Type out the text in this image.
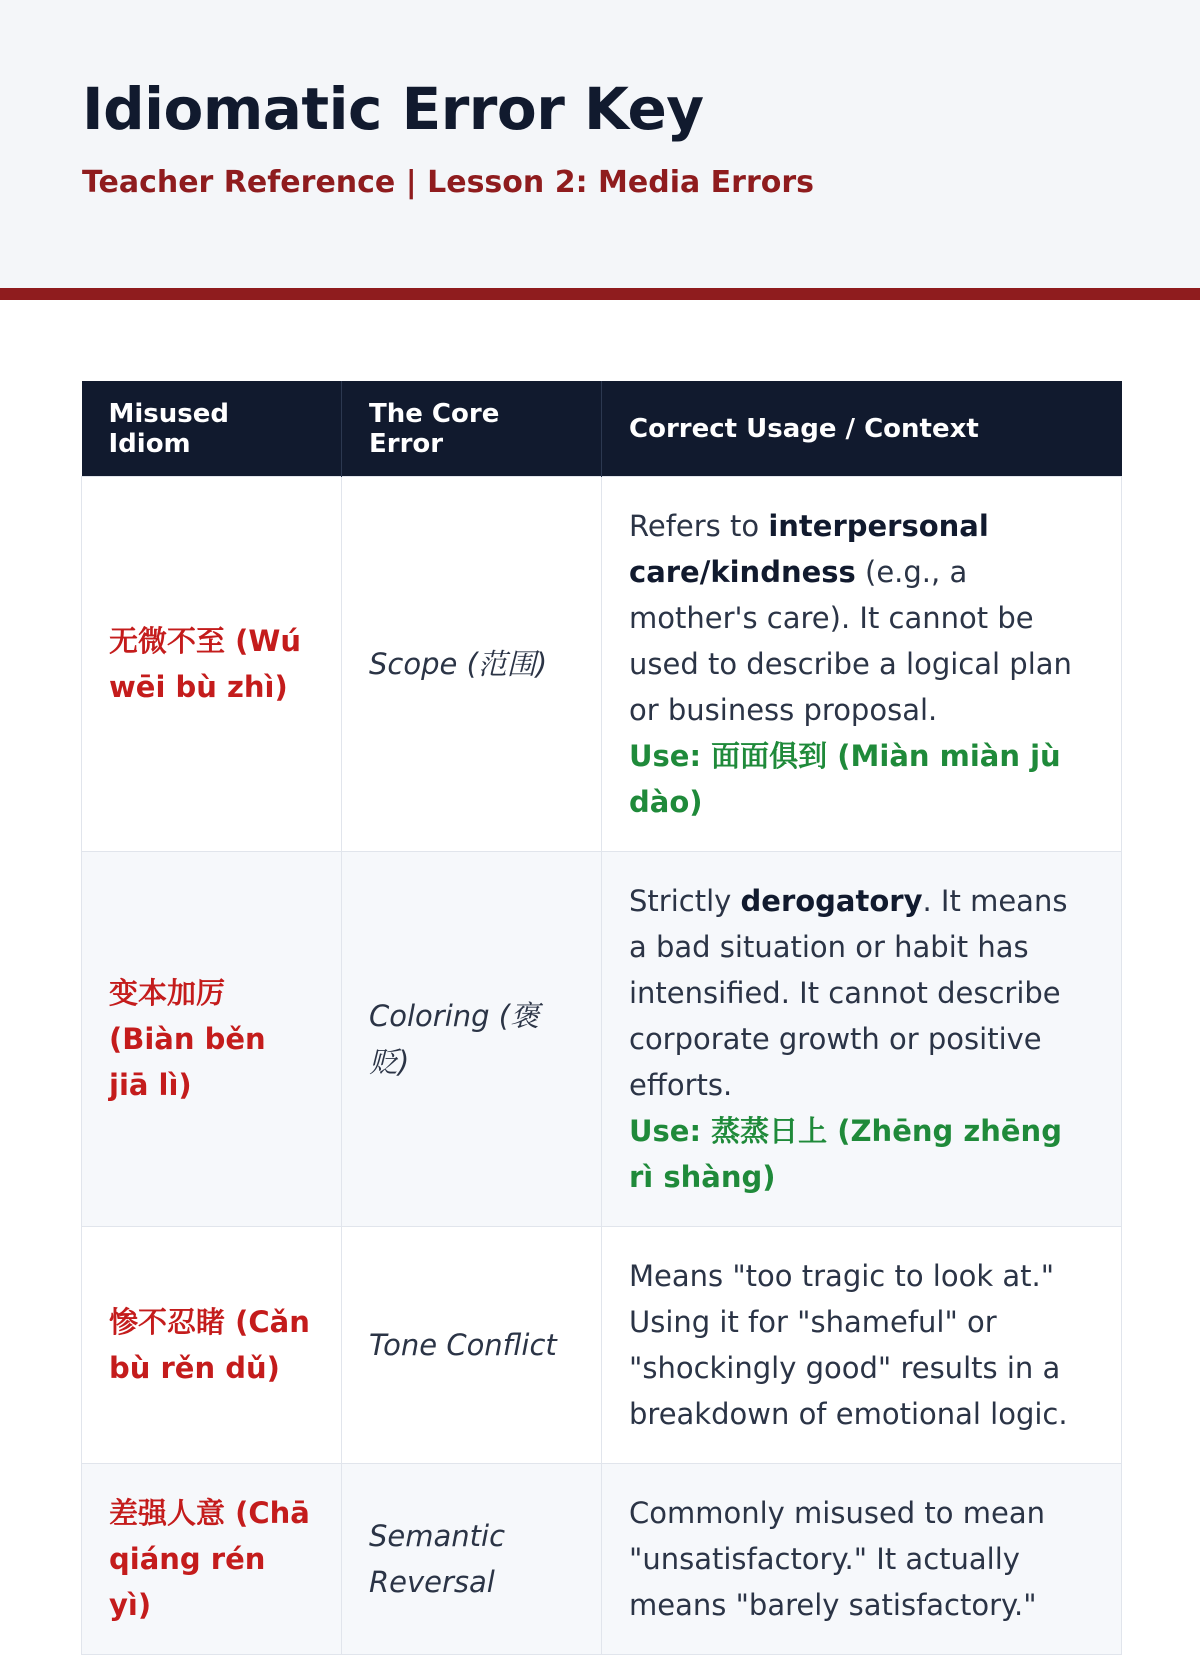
Idiomatic Error Key
Teacher Reference | Lesson 2: Media Errors
Misused Idiom	The Core Error	Correct Usage / Context
无微不至 (Wú wēi bù zhì)	Scope (范围)	Refers to interpersonal care/kindness (e.g., a mother's care). It cannot be used to describe a logical plan or business proposal.
Use: 面面俱到 (Miàn miàn jù dào)

变本加厉 (Biàn běn jiā lì)	Coloring (褒贬)	Strictly derogatory. It means a bad situation or habit has intensified. It cannot describe corporate growth or positive efforts.
Use: 蒸蒸日上 (Zhēng zhēng rì shàng)

惨不忍睹 (Cǎn bù rěn dǔ)	Tone Conflict	Means "too tragic to look at." Using it for "shameful" or "shockingly good" results in a breakdown of emotional logic.
差强人意 (Chā qiáng rén yì)	Semantic Reversal	Commonly misused to mean "unsatisfactory." It actually means "barely satisfactory."
